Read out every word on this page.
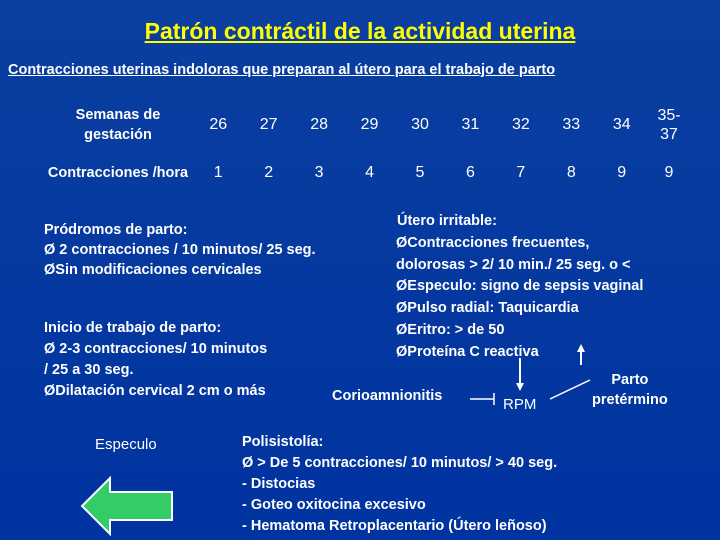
Patrón contráctil de la actividad uterina
Contracciones uterinas indoloras que preparan al útero para el trabajo de parto
Semanas de gestación	26	27	28	29	30	31	32	33	34	35-37
Contracciones /hora	1	2	3	4	5	6	7	8	9	9
Pródromos de parto:
Ø 2 contracciones / 10 minutos/ 25 seg.
ØSin modificaciones cervicales
Útero irritable:
ØContracciones frecuentes,
dolorosas > 2/ 10 min./ 25 seg. o <
ØEspeculo: signo de sepsis vaginal
ØPulso radial: Taquicardia
ØEritro: > de 50
ØProteína C reactiva
Inicio de trabajo de parto:
Ø 2-3 contracciones/ 10 minutos
/ 25 a 30 seg.
ØDilatación cervical 2 cm o más	Corioamnionitis	RPM
Parto
pretérmino
Especulo	Polisistolía:
Ø > De 5 contracciones/ 10 minutos/ > 40 seg.
- Distocias
- Goteo oxitocina excesivo
- Hematoma Retroplacentario (Útero leñoso)
